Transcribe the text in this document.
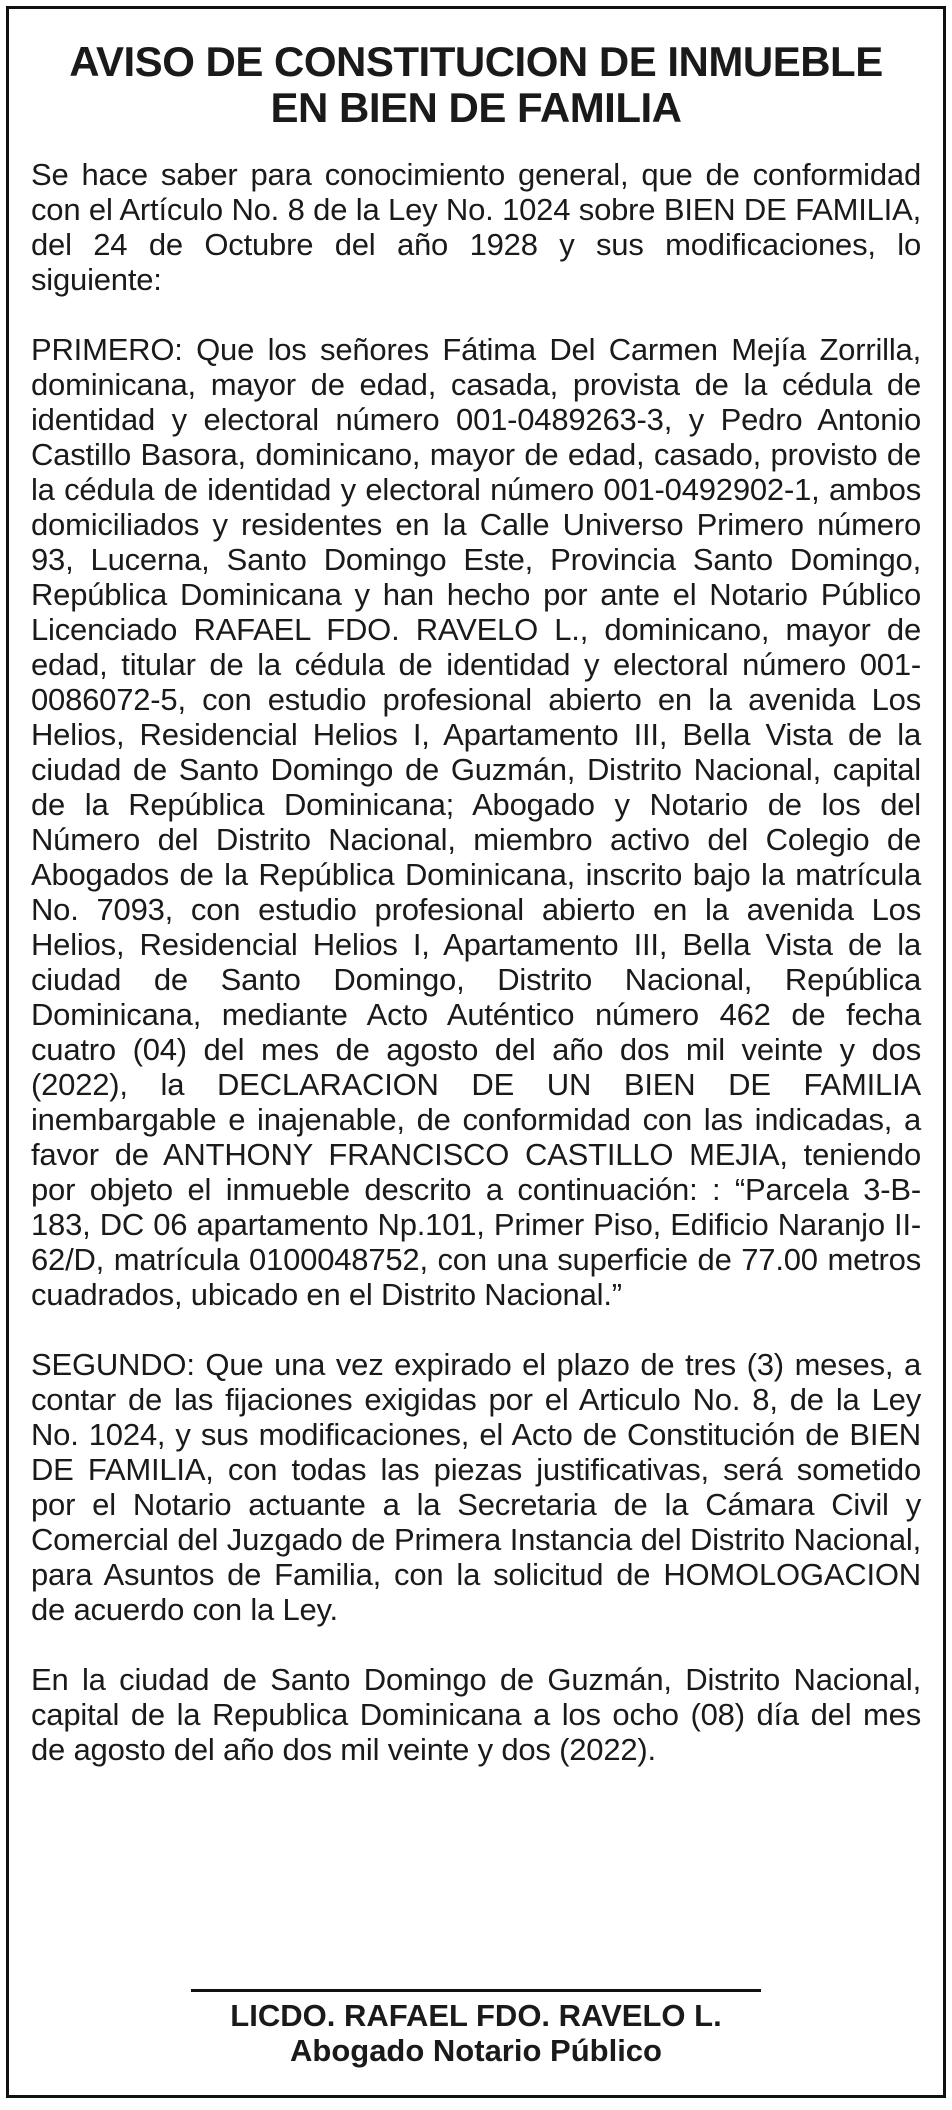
AVISO DE CONSTITUCION DE INMUEBLE
EN BIEN DE FAMILIA

Se hace saber para conocimiento general, que de conformidad con el Artículo No. 8 de la Ley No. 1024 sobre BIEN DE FAMILIA, del 24 de Octubre del año 1928 y sus modificaciones, lo siguiente:

PRIMERO: Que los señores Fátima Del Carmen Mejía Zorrilla, dominicana, mayor de edad, casada, provista de la cédula de identidad y electoral número 001-0489263-3, y Pedro Antonio Castillo Basora, dominicano, mayor de edad, casado, provisto de la cédula de identidad y electoral número 001-0492902-1, ambos domiciliados y residentes en la Calle Universo Primero número 93, Lucerna, Santo Domingo Este, Provincia Santo Domingo, República Dominicana y han hecho por ante el Notario Público Licenciado RAFAEL FDO. RAVELO L., dominicano, mayor de edad, titular de la cédula de identidad y electoral número 001-0086072-5, con estudio profesional abierto en la avenida Los Helios, Residencial Helios I, Apartamento III, Bella Vista de la ciudad de Santo Domingo de Guzmán, Distrito Nacional, capital de la República Dominicana; Abogado y Notario de los del Número del Distrito Nacional, miembro activo del Colegio de Abogados de la República Dominicana, inscrito bajo la matrícula No. 7093, con estudio profesional abierto en la avenida Los Helios, Residencial Helios I, Apartamento III, Bella Vista de la ciudad de Santo Domingo, Distrito Nacional, República Dominicana, mediante Acto Auténtico número 462 de fecha cuatro (04) del mes de agosto del año dos mil veinte y dos (2022), la DECLARACION DE UN BIEN DE FAMILIA inembargable e inajenable, de conformidad con las indicadas, a favor de ANTHONY FRANCISCO CASTILLO MEJIA, teniendo por objeto el inmueble descrito a continuación: : “Parcela 3-B-183, DC 06 apartamento Np.101, Primer Piso, Edificio Naranjo II-62/D, matrícula 0100048752, con una superficie de 77.00 metros cuadrados, ubicado en el Distrito Nacional.”

SEGUNDO: Que una vez expirado el plazo de tres (3) meses, a contar de las fijaciones exigidas por el Articulo No. 8, de la Ley No. 1024, y sus modificaciones, el Acto de Constitución de BIEN DE FAMILIA, con todas las piezas justificativas, será sometido por el Notario actuante a la Secretaria de la Cámara Civil y Comercial del Juzgado de Primera Instancia del Distrito Nacional, para Asuntos de Familia, con la solicitud de HOMOLOGACION de acuerdo con la Ley.

En la ciudad de Santo Domingo de Guzmán, Distrito Nacional, capital de la Republica Dominicana a los ocho (08) día del mes de agosto del año dos mil veinte y dos (2022).

LICDO. RAFAEL FDO. RAVELO L.
Abogado Notario Público
